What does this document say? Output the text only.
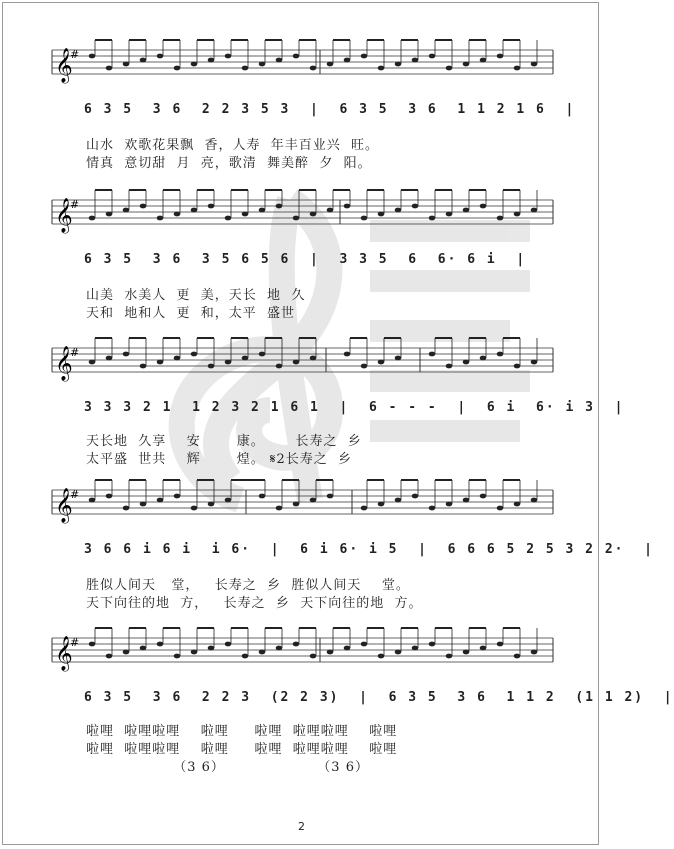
𝄞
#
𝄞
#
𝄞
#
𝄞
#
𝄞
#
6 3 5  3 6  2 2 3 5 3  |  6 3 5  3 6  1 1 2 1 6  |
山水  欢歌花果飘  香，人寿  年丰百业兴  旺。
情真  意切甜  月  亮，歌清  舞美醉  夕  阳。
6 3 5  3 6  3 5 6 5 6  |  3 3 5  6  6· 6 i  |
山美  水美人  更  美，天长  地  久
天和  地和人  更  和，太平  盛世
3 3 3 2 1  1 2 3 2 1 6 1  |  6 - - -  |  6 i  6· i 3  |
天长地  久享    安       康。      长寿之  乡
太平盛  世共    辉       煌。 𝄋2长寿之  乡
3 6 6 i 6 i  i 6·  |  6 i 6· i 5  |  6 6 6 5 2 5 3 2 2·  |
胜似人间天   堂，   长寿之  乡  胜似人间天    堂。
天下向往的地  方，   长寿之  乡  天下向往的地  方。
6 3 5  3 6  2 2 3  (2 2 3)  |  6 3 5  3 6  1 1 2  (1 1 2)  |
啦哩  啦哩啦哩    啦哩     啦哩  啦哩啦哩    啦哩
啦哩  啦哩啦哩    啦哩     啦哩  啦哩啦哩    啦哩
（3 6）                  （3 6）
2
